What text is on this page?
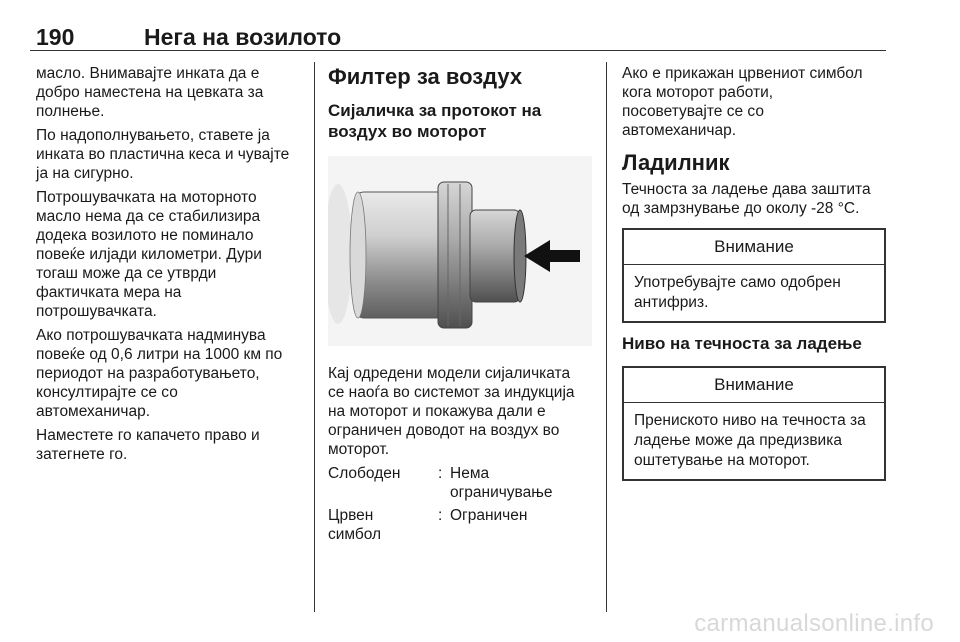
190	Нега на возилото

масло. Внимавајте инката да е
добро наместена на цевката за
полнење.

По надополнувањето, ставете ја
инката во пластична кеса и чувајте
ја на сигурно.

Потрошувачката на моторното
масло нема да се стабилизира
додека возилото не поминало
повеќе илјади километри. Дури
тогаш може да се утврди
фактичката мера на
потрошувачката.

Ако потрошувачката надминува
повеќе од 0,6 литри на 1000 км по
периодот на разработувањето,
консултирајте се со
автомеханичар.

Наместете го капачето право и
затегнете го.

Филтер за воздух
Сијаличка за протокот на
воздух во моторот

Кај одредени модели сијаличката
се наоѓа во системот за индукција
на моторот и покажува дали е
ограничен доводот на воздух во
моторот.

Слободен	: Нема
ограничување
Црвен
симбол
: Ограничен

Ако е прикажан црвениот симбол
кога моторот работи,
посоветувајте се со
автомеханичар.

Ладилник

Течноста за ладење дава заштита
од замрзнување до околу -28 °C.

Внимание
Употребувајте само одобрен
антифриз.
Ниво на течноста за ладење
Внимание
Прениското ниво на течноста за
ладење може да предизвика
оштетување на моторот.
carmanualsonline.info
